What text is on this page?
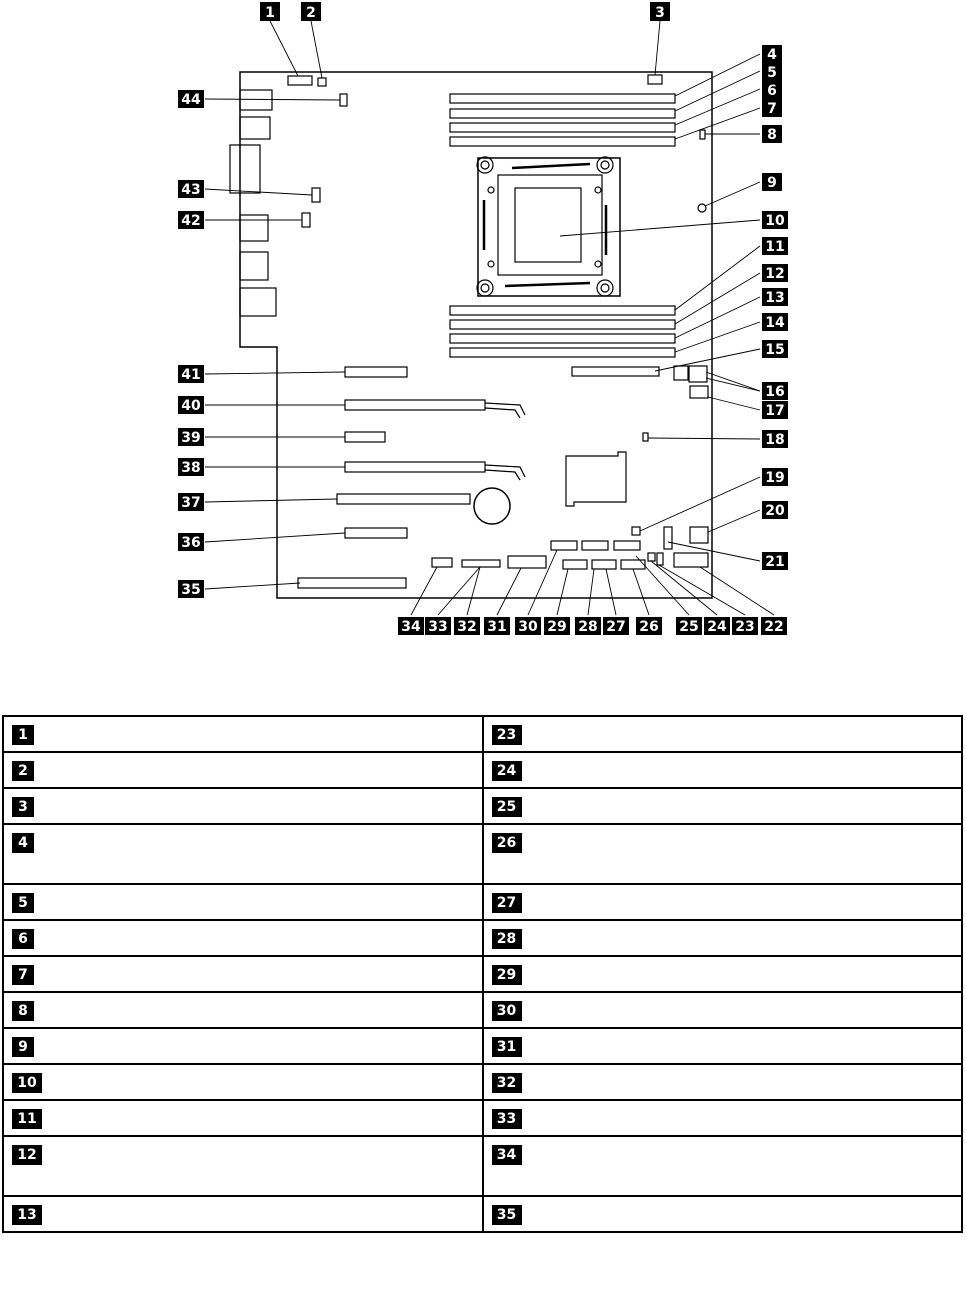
1 2	3
4
5
6
7
8
9
10
11
12
13
14
15
16
17
18
19
20
21
22
23
24
25
26
27
28
29
30
31
32
33
34
35
36
37
38
39
40
41
42
43
44
1	23
2	24
3	25
4	26
5	27
6	28
7	29
8	30
9	31
10	32
11	33
12	34
13	35
